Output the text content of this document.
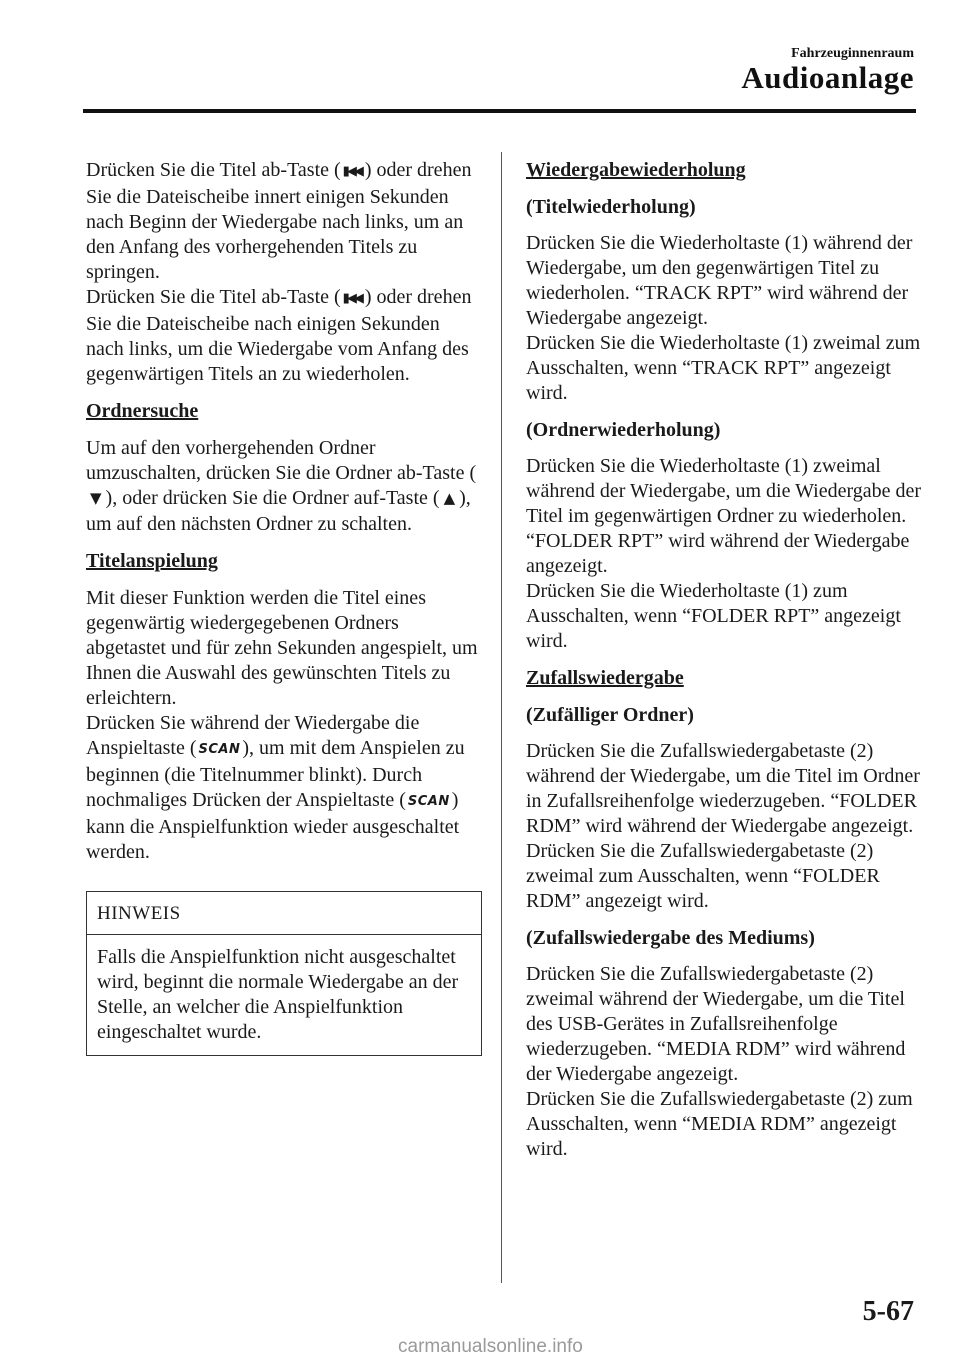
Fahrzeuginnenraum
Audioanlage

Drücken Sie die Titel ab-Taste ( ▮◀◀ ) oder drehen Sie die Dateischeibe innert einigen Sekunden nach Beginn der Wiedergabe nach links, um an den Anfang des vorhergehenden Titels zu springen.
Drücken Sie die Titel ab-Taste ( ▮◀◀ ) oder drehen Sie die Dateischeibe nach einigen Sekunden nach links, um die Wiedergabe vom Anfang des gegenwärtigen Titels an zu wiederholen.

Ordnersuche

Um auf den vorhergehenden Ordner umzuschalten, drücken Sie die Ordner ab-Taste (▼ ), oder drücken Sie die Ordner auf-Taste ( ▲ ), um auf den nächsten Ordner zu schalten.

Titelanspielung

Mit dieser Funktion werden die Titel eines gegenwärtig wiedergegebenen Ordners abgetastet und für zehn Sekunden angespielt, um Ihnen die Auswahl des gewünschten Titels zu erleichtern.
Drücken Sie während der Wiedergabe die Anspieltaste ( SCAN ), um mit dem Anspielen zu beginnen (die Titelnummer blinkt). Durch nochmaliges Drücken der Anspieltaste ( SCAN ) kann die Anspielfunktion wieder ausgeschaltet werden.

HINWEIS
Falls die Anspielfunktion nicht ausgeschaltet wird, beginnt die normale Wiedergabe an der Stelle, an welcher die Anspielfunktion eingeschaltet wurde.
Wiedergabewiederholung
(Titelwiederholung)

Drücken Sie die Wiederholtaste (1) während der Wiedergabe, um den gegenwärtigen Titel zu wiederholen. “TRACK RPT” wird während der Wiedergabe angezeigt.
Drücken Sie die Wiederholtaste (1) zweimal zum Ausschalten, wenn “TRACK RPT” angezeigt wird.

(Ordnerwiederholung)

Drücken Sie die Wiederholtaste (1) zweimal während der Wiedergabe, um die Wiedergabe der Titel im gegenwärtigen Ordner zu wiederholen. “FOLDER RPT” wird während der Wiedergabe angezeigt.
Drücken Sie die Wiederholtaste (1) zum Ausschalten, wenn “FOLDER RPT” angezeigt wird.

Zufallswiedergabe
(Zufälliger Ordner)

Drücken Sie die Zufallswiedergabetaste (2) während der Wiedergabe, um die Titel im Ordner in Zufallsreihenfolge wiederzugeben. “FOLDER RDM” wird während der Wiedergabe angezeigt.
Drücken Sie die Zufallswiedergabetaste (2) zweimal zum Ausschalten, wenn “FOLDER RDM” angezeigt wird.

(Zufallswiedergabe des Mediums)

Drücken Sie die Zufallswiedergabetaste (2) zweimal während der Wiedergabe, um die Titel des USB-Gerätes in Zufallsreihenfolge wiederzugeben. “MEDIA RDM” wird während der Wiedergabe angezeigt.
Drücken Sie die Zufallswiedergabetaste (2) zum Ausschalten, wenn “MEDIA RDM” angezeigt wird.

5-67
carmanualsonline.info
